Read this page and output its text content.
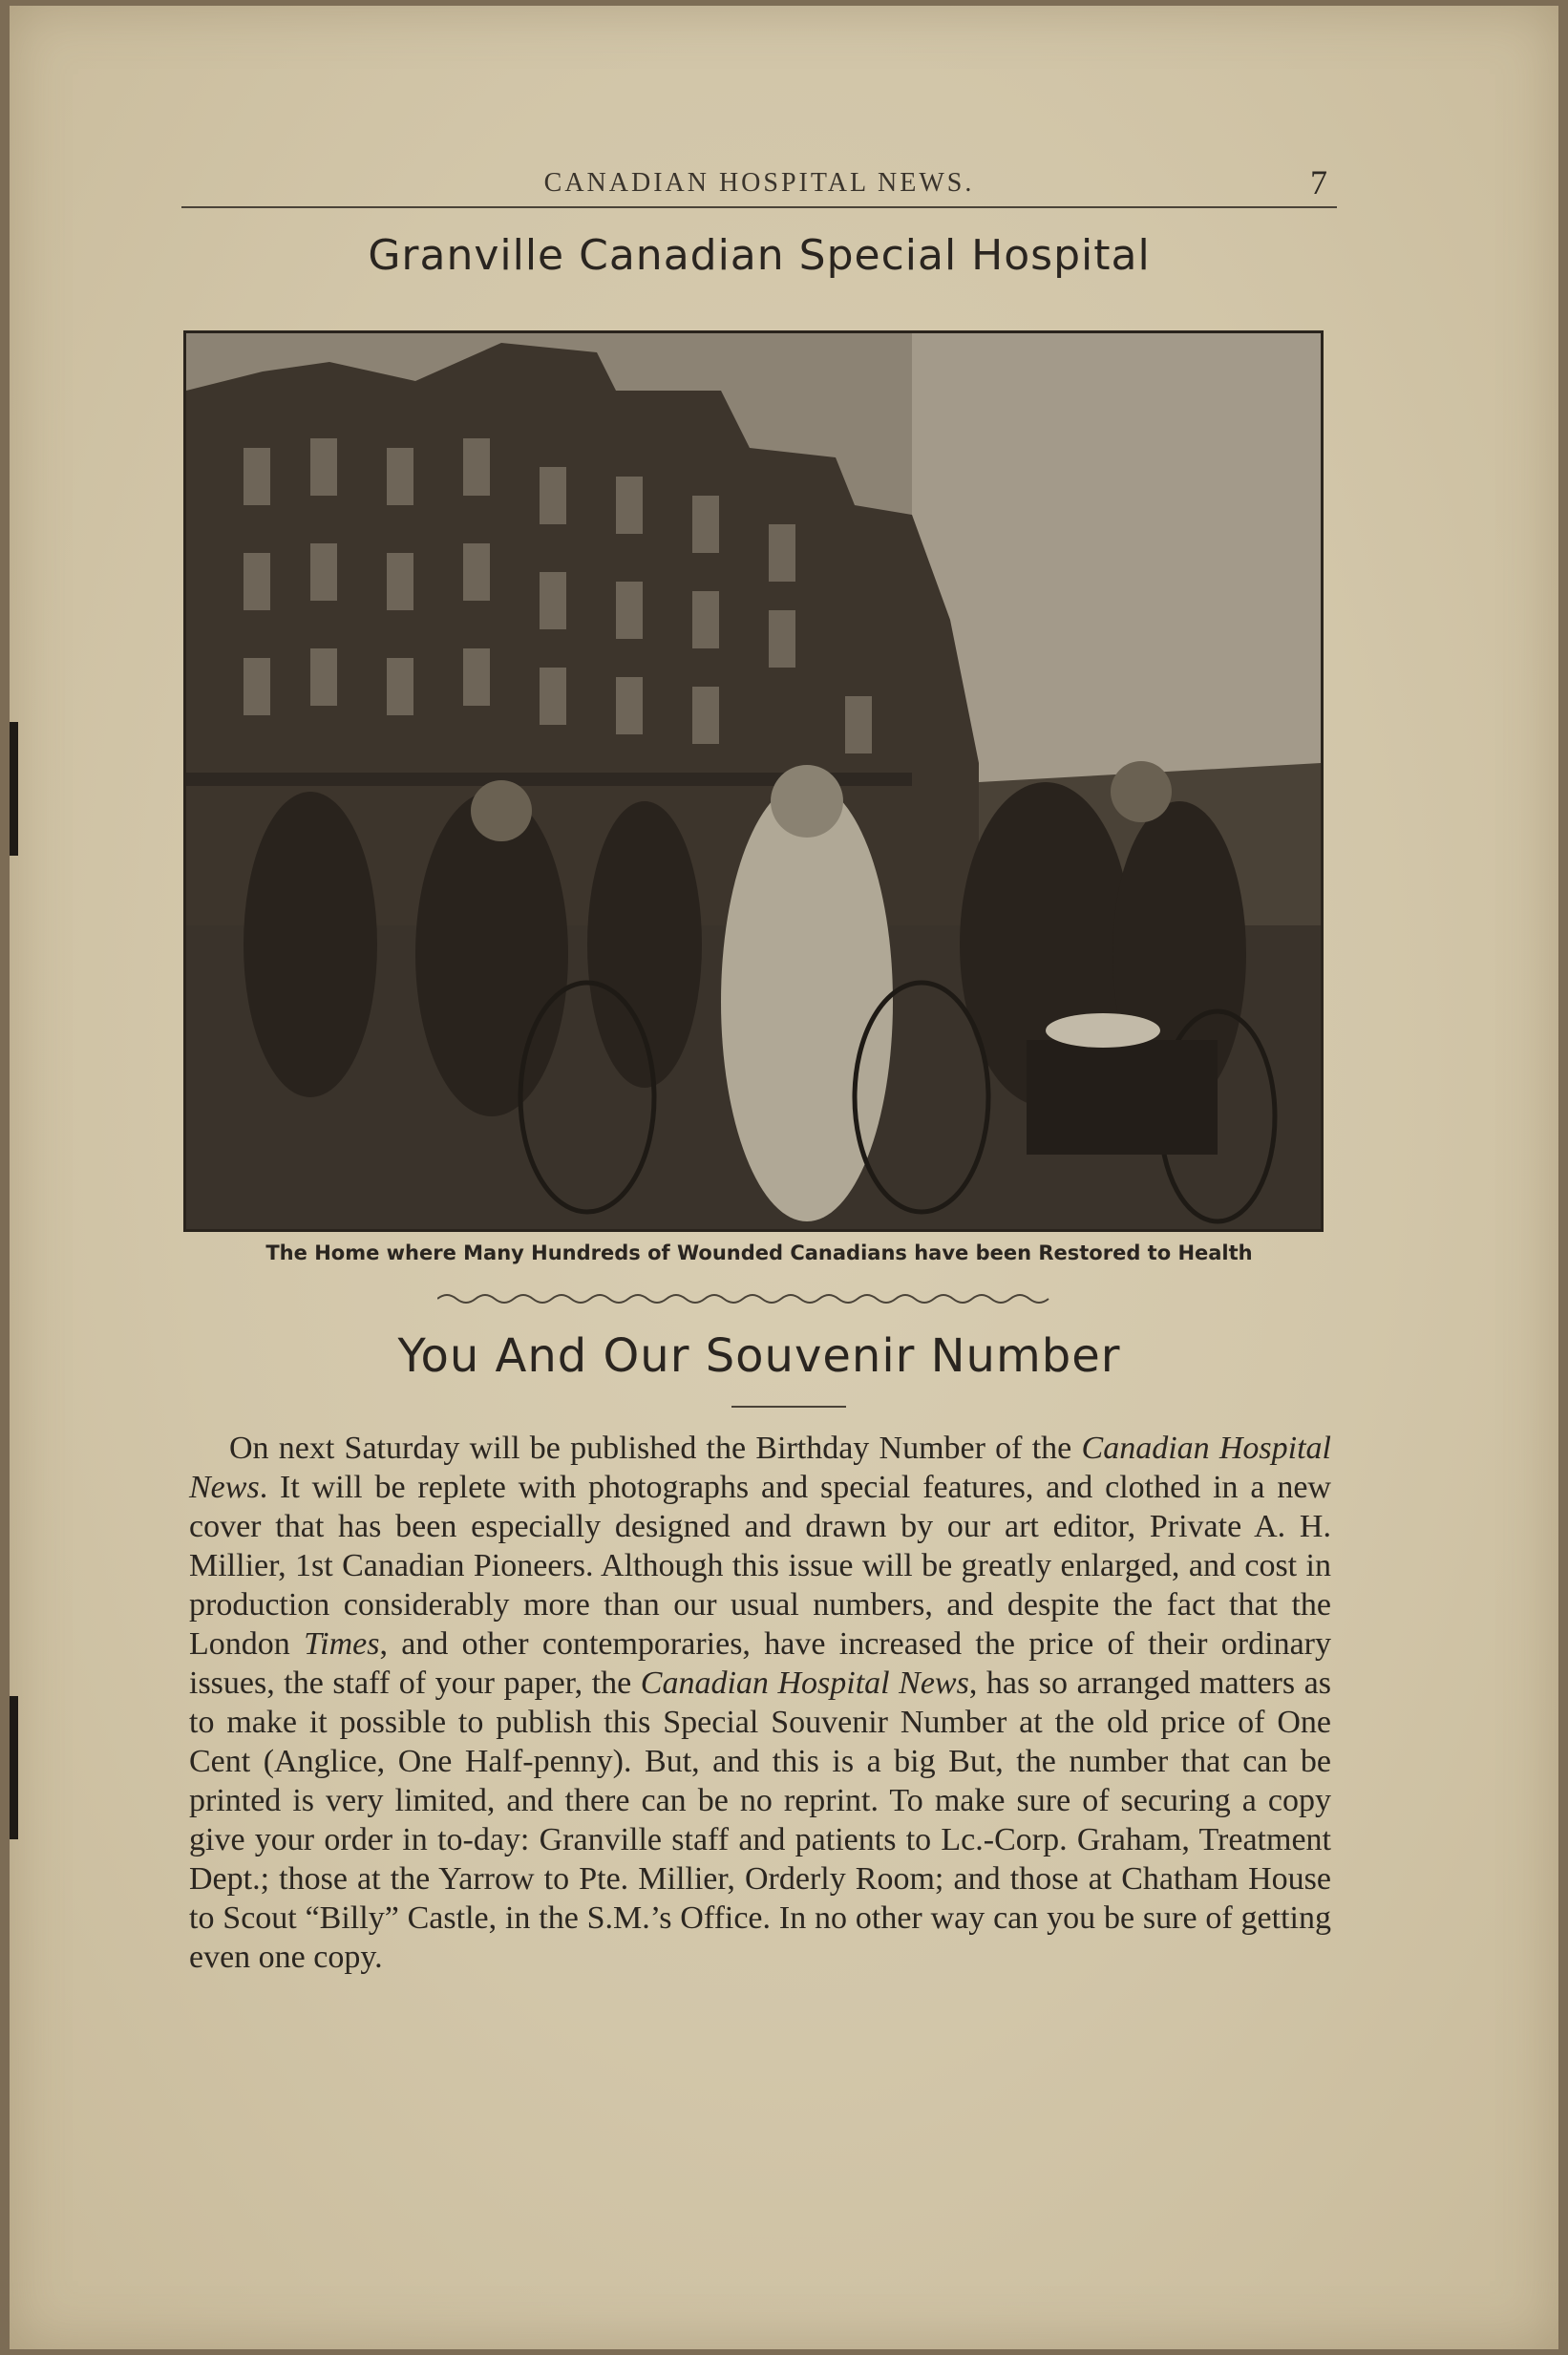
CANADIAN HOSPITAL NEWS.	7
Granville Canadian Special Hospital
The Home where Many Hundreds of Wounded Canadians have been Restored to Health
You And Our Souvenir Number

On next Saturday will be published the Birthday Number of the Canadian Hospital News. It will be replete with photographs and special features, and clothed in a new cover that has been especially designed and drawn by our art editor, Private A. H. Millier, 1st Canadian Pioneers. Although this issue will be greatly enlarged, and cost in production considerably more than our usual numbers, and despite the fact that the London Times, and other contemporaries, have increased the price of their ordinary issues, the staff of your paper, the Canadian Hospital News, has so arranged matters as to make it possible to publish this Special Souvenir Number at the old price of One Cent (Anglice, One Half-penny). But, and this is a big But, the number that can be printed is very limited, and there can be no reprint. To make sure of securing a copy give your order in to-day: Granville staff and patients to Lc.-Corp. Graham, Treatment Dept.; those at the Yarrow to Pte. Millier, Orderly Room; and those at Chatham House to Scout “Billy” Castle, in the S.M.’s Office. In no other way can you be sure of getting even one copy.
